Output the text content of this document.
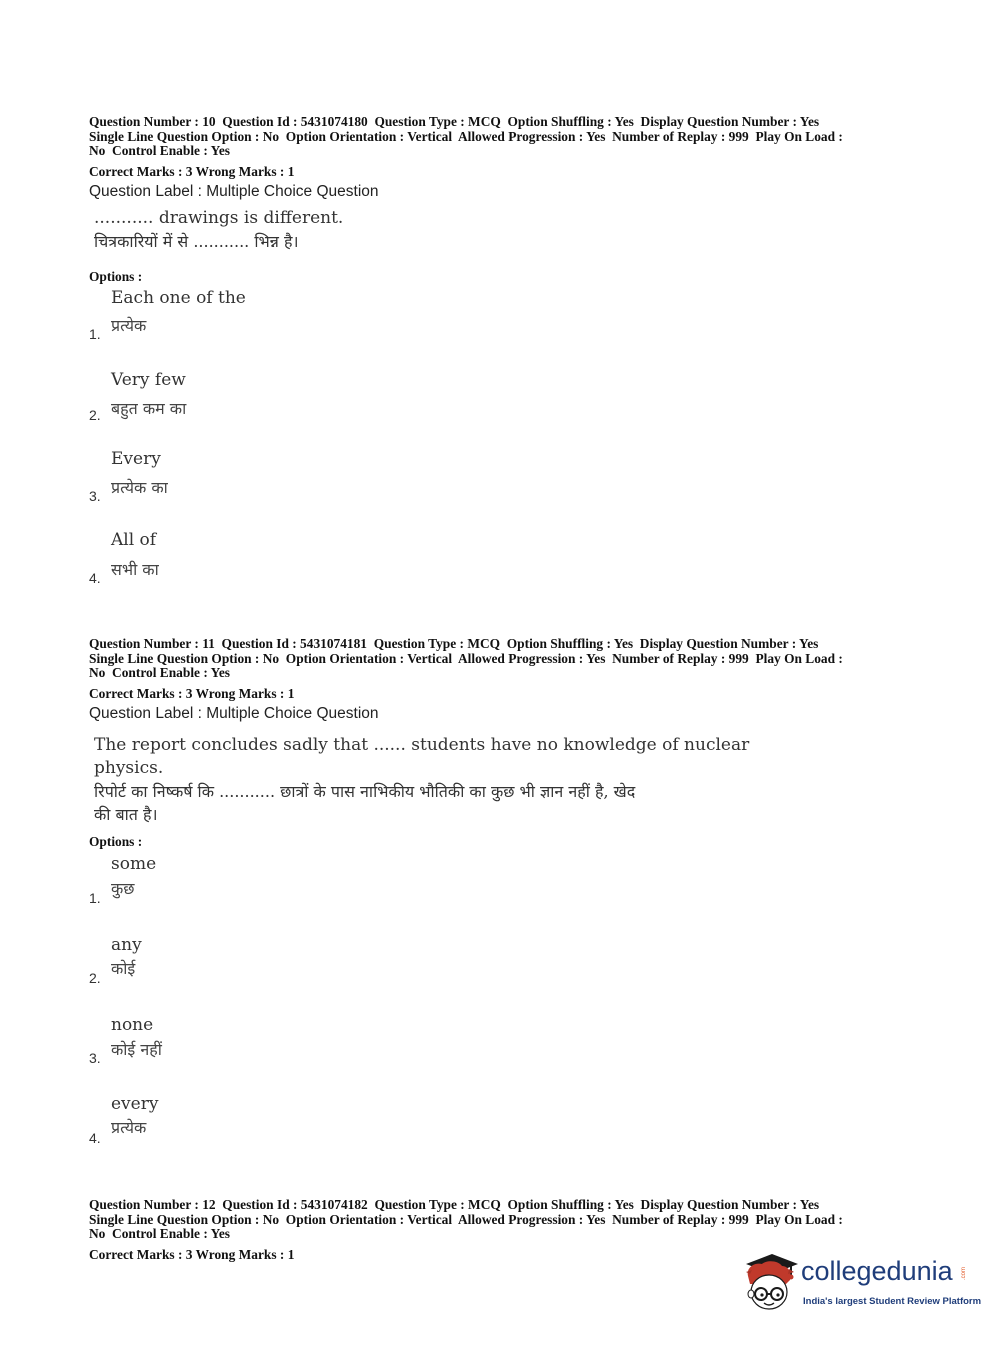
Question Number : 10  Question Id : 5431074180  Question Type : MCQ  Option Shuffling : Yes  Display Question Number : Yes
Single Line Question Option : No  Option Orientation : Vertical  Allowed Progression : Yes  Number of Replay : 999  Play On Load :
No  Control Enable : Yes
Correct Marks : 3 Wrong Marks : 1
Question Label : Multiple Choice Question
........... drawings is different.
चित्रकारियों में से ........... भिन्न है।
Options :
Each one of the
प्रत्येक
1.
Very few
बहुत कम का
2.
Every
प्रत्येक का
3.
All of
सभी का
4.
Question Number : 11  Question Id : 5431074181  Question Type : MCQ  Option Shuffling : Yes  Display Question Number : Yes
Single Line Question Option : No  Option Orientation : Vertical  Allowed Progression : Yes  Number of Replay : 999  Play On Load :
No  Control Enable : Yes
Correct Marks : 3 Wrong Marks : 1
Question Label : Multiple Choice Question
The report concludes sadly that ...... students have no knowledge of nuclear
physics.
रिपोर्ट का निष्कर्ष कि ........... छात्रों के पास नाभिकीय भौतिकी का कुछ भी ज्ञान नहीं है, खेद
की बात है।
Options :
some
कुछ
1.
any
कोई
2.
none
कोई नहीं
3.
every
प्रत्येक
4.
Question Number : 12  Question Id : 5431074182  Question Type : MCQ  Option Shuffling : Yes  Display Question Number : Yes
Single Line Question Option : No  Option Orientation : Vertical  Allowed Progression : Yes  Number of Replay : 999  Play On Load :
No  Control Enable : Yes
Correct Marks : 3 Wrong Marks : 1
collegedunia .com
India's largest Student Review Platform
